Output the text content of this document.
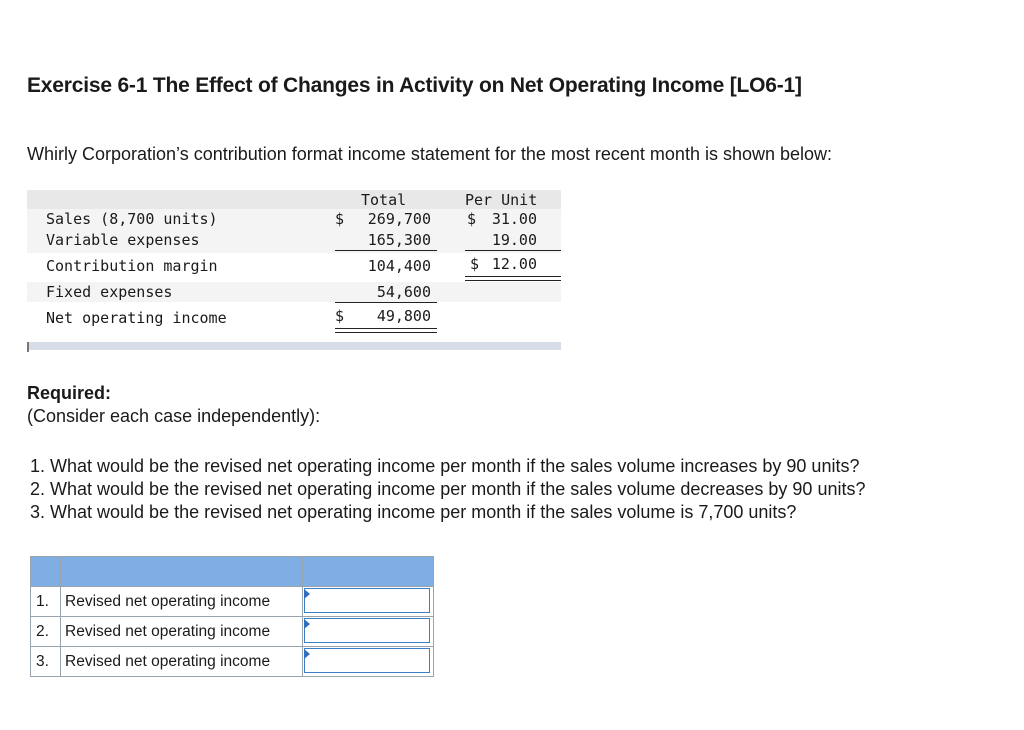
Exercise 6-1 The Effect of Changes in Activity on Net Operating Income [LO6-1]
Whirly Corporation’s contribution format income statement for the most recent month is shown below:
Total	Per Unit
Sales (8,700 units)	$	269,700 $	31.00
Variable expenses	165,300	19.00
Contribution margin	104,400	$ 12.00
Fixed expenses	54,600
Net operating income	$	49,800
Required:
(Consider each case independently):
1. What would be the revised net operating income per month if the sales volume increases by 90 units?
2. What would be the revised net operating income per month if the sales volume decreases by 90 units?
3. What would be the revised net operating income per month if the sales volume is 7,700 units?

1.	Revised net operating income	

2.	Revised net operating income	

3.	Revised net operating income	
